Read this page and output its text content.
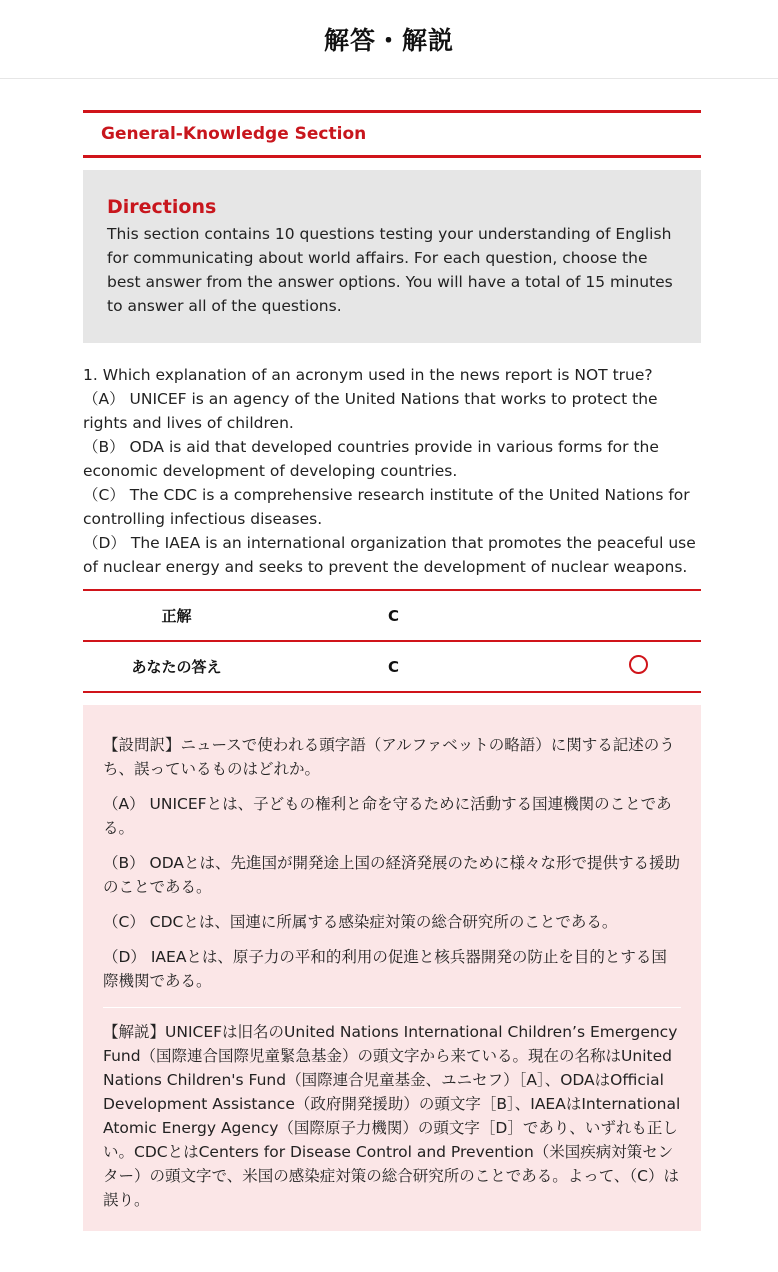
解答・解説
General-Knowledge Section
Directions
This section contains 10 questions testing your understanding of English for communicating about world affairs. For each question, choose the best answer from the answer options. You will have a total of 15 minutes to answer all of the questions.
1. Which explanation of an acronym used in the news report is NOT true?
（A） UNICEF is an agency of the United Nations that works to protect the rights and lives of children.
（B） ODA is aid that developed countries provide in various forms for the economic development of developing countries.
（C） The CDC is a comprehensive research institute of the United Nations for controlling infectious diseases.
（D） The IAEA is an international organization that promotes the peaceful use of nuclear energy and seeks to prevent the development of nuclear weapons.
正解	C	
あなたの答え	C	

【設問訳】ニュースで使われる頭字語（アルファベットの略語）に関する記述のうち、誤っているものはどれか。

（A） UNICEFとは、子どもの権利と命を守るために活動する国連機関のことである。

（B） ODAとは、先進国が開発途上国の経済発展のために様々な形で提供する援助のことである。

（C） CDCとは、国連に所属する感染症対策の総合研究所のことである。

（D） IAEAとは、原子力の平和的利用の促進と核兵器開発の防止を目的とする国際機関である。

【解説】UNICEFは旧名のUnited Nations International Children’s Emergency Fund（国際連合国際児童緊急基金）の頭文字から来ている。現在の名称はUnited Nations Children's Fund（国際連合児童基金、ユニセフ）［A］、ODAはOfficial Development Assistance（政府開発援助）の頭文字［B］、IAEAはInternational Atomic Energy Agency（国際原子力機関）の頭文字［D］であり、いずれも正しい。CDCとはCenters for Disease Control and Prevention（米国疾病対策センター）の頭文字で、米国の感染症対策の総合研究所のことである。よって、（C）は誤り。
